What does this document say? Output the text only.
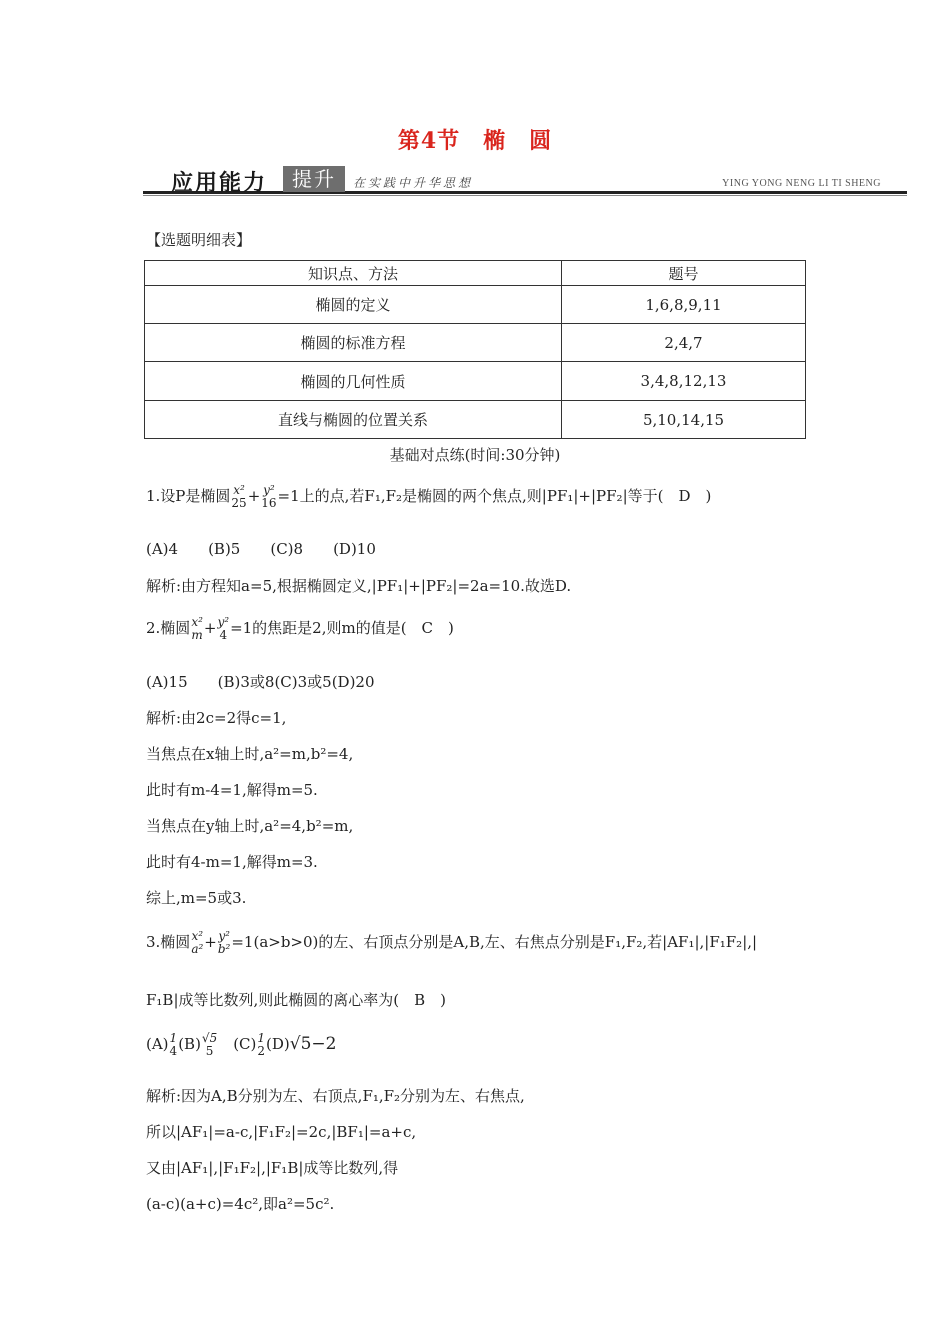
第4节　椭　圆
应用能力	提升	在实践中升华思想	YING YONG NENG LI TI SHENG
【选题明细表】
知识点、方法	题号
椭圆的定义	1,6,8,9,11
椭圆的标准方程	2,4,7
椭圆的几何性质	3,4,8,12,13
直线与椭圆的位置关系	5,10,14,15
基础对点练(时间:30分钟)
1.设P是椭圆 x²
25 + y²
16 =1上的点,若F₁,F₂是椭圆的两个焦点,则|PF₁|+|PF₂|等于(　D　)
(A)4　　(B)5　　(C)8　　(D)10
解析:由方程知a=5,根据椭圆定义,|PF₁|+|PF₂|=2a=10.故选D.
2.椭圆 x²
m + y²
4 =1的焦距是2,则m的值是(　C　)
(A)15　　(B)3或8(C)3或5(D)20
解析:由2c=2得c=1,
当焦点在x轴上时,a²=m,b²=4,
此时有m-4=1,解得m=5.
当焦点在y轴上时,a²=4,b²=m,
此时有4-m=1,解得m=3.
综上,m=5或3.
3.椭圆 x²
a² + y²
b² =1(a>b>0)的左、右顶点分别是A,B,左、右焦点分别是F₁,F₂,若|AF₁|,|F₁F₂|,|
F₁B|成等比数列,则此椭圆的离心率为(　B　)
(A) 1
4 (B) √5
5 　(C) 1
2 (D)√5−2
解析:因为A,B分别为左、右顶点,F₁,F₂分别为左、右焦点,
所以|AF₁|=a-c,|F₁F₂|=2c,|BF₁|=a+c,
又由|AF₁|,|F₁F₂|,|F₁B|成等比数列,得
(a-c)(a+c)=4c²,即a²=5c².
